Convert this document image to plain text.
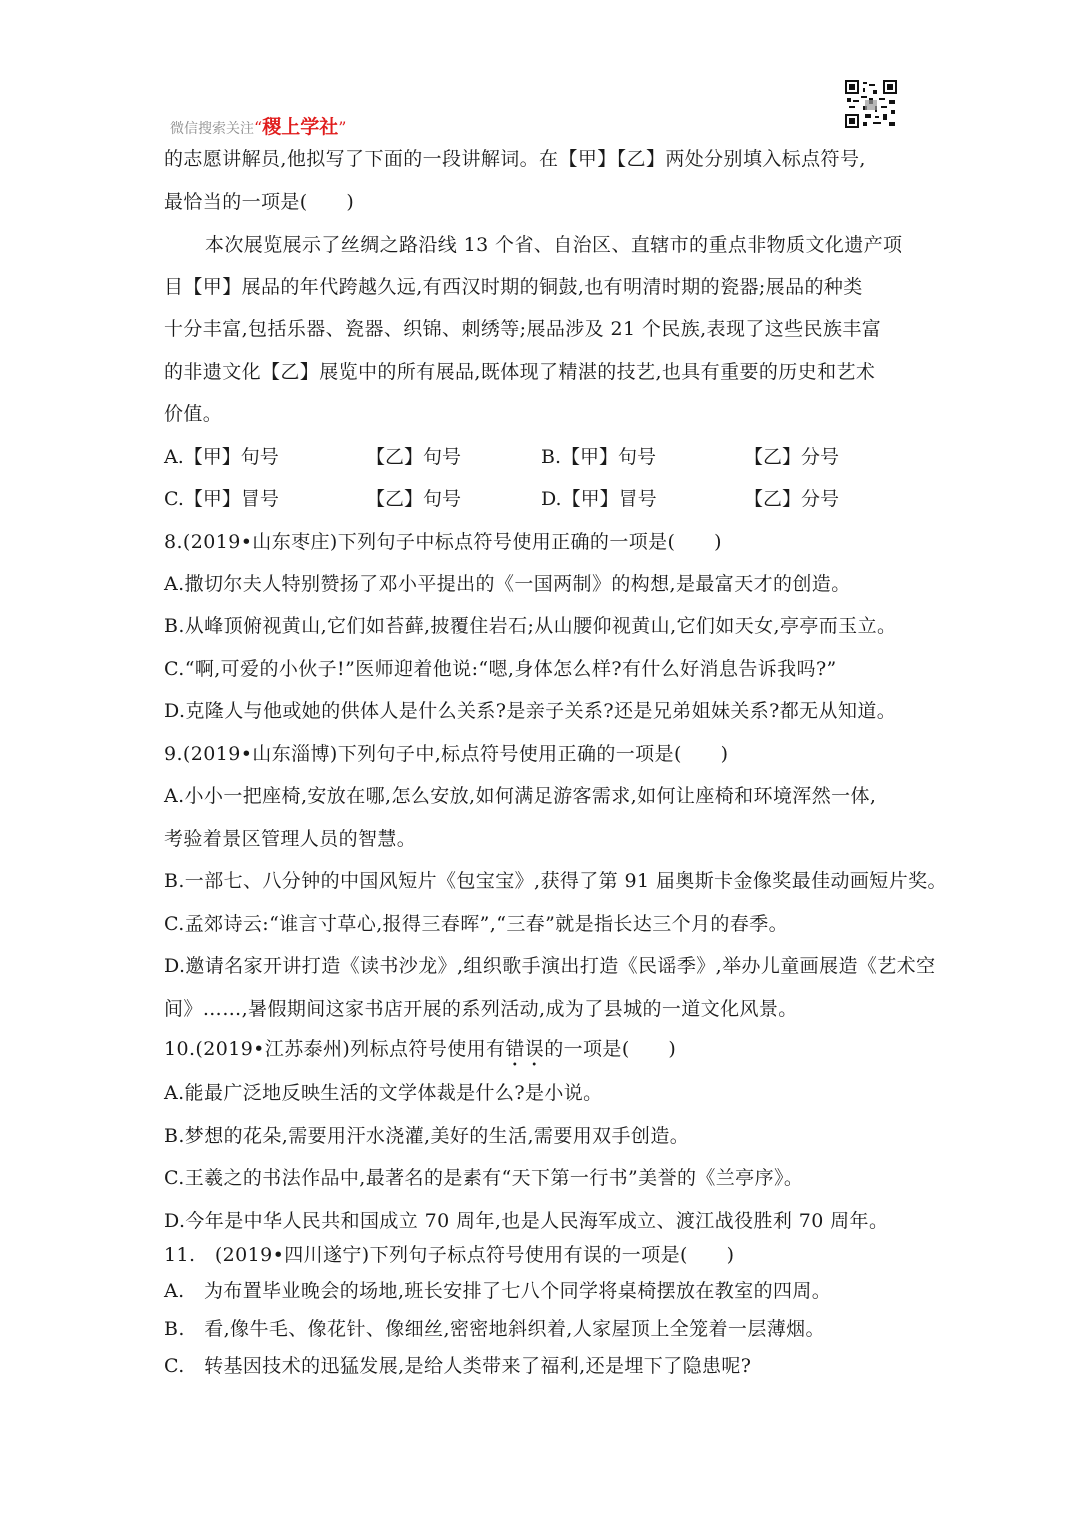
微信搜索关注“稷上学社”
的志愿讲解员,他拟写了下面的一段讲解词。在【甲】【乙】两处分别填入标点符号,
最恰当的一项是(　　)
本次展览展示了丝绸之路沿线 13 个省、自治区、直辖市的重点非物质文化遗产项
目【甲】展品的年代跨越久远,有西汉时期的铜鼓,也有明清时期的瓷器;展品的种类
十分丰富,包括乐器、瓷器、织锦、刺绣等;展品涉及 21 个民族,表现了这些民族丰富
的非遗文化【乙】展览中的所有展品,既体现了精湛的技艺,也具有重要的历史和艺术
价值。
A.【甲】句号	【乙】句号	B.【甲】句号	【乙】分号
C.【甲】冒号	【乙】句号	D.【甲】冒号	【乙】分号
8.(2019•山东枣庄)下列句子中标点符号使用正确的一项是(　　)
A.撒切尔夫人特别赞扬了邓小平提出的《一国两制》的构想,是最富天才的创造。
B.从峰顶俯视黄山,它们如苔藓,披覆住岩石;从山腰仰视黄山,它们如天女,亭亭而玉立。
C.“啊,可爱的小伙子!”医师迎着他说:“嗯,身体怎么样?有什么好消息告诉我吗?”
D.克隆人与他或她的供体人是什么关系?是亲子关系?还是兄弟姐妹关系?都无从知道。
9.(2019•山东淄博)下列句子中,标点符号使用正确的一项是(　　)
A.小小一把座椅,安放在哪,怎么安放,如何满足游客需求,如何让座椅和环境浑然一体,
考验着景区管理人员的智慧。
B.一部七、八分钟的中国风短片《包宝宝》,获得了第 91 届奥斯卡金像奖最佳动画短片奖。
C.孟郊诗云:“谁言寸草心,报得三春晖”,“三春”就是指长达三个月的春季。
D.邀请名家开讲打造《读书沙龙》,组织歌手演出打造《民谣季》,举办儿童画展造《艺术空
间》……,暑假期间这家书店开展的系列活动,成为了县城的一道文化风景。
10.(2019•江苏泰州)列标点符号使用有错误的一项是(　　)
A.能最广泛地反映生活的文学体裁是什么?是小说。
B.梦想的花朵,需要用汗水浇灌,美好的生活,需要用双手创造。
C.王羲之的书法作品中,最著名的是素有“天下第一行书”美誉的《兰亭序》。
D.今年是中华人民共和国成立 70 周年,也是人民海军成立、渡江战役胜利 70 周年。
11.　(2019•四川遂宁)下列句子标点符号使用有误的一项是(　　)
A.　为布置毕业晚会的场地,班长安排了七八个同学将桌椅摆放在教室的四周。
B.　看,像牛毛、像花针、像细丝,密密地斜织着,人家屋顶上全笼着一层薄烟。
C.　转基因技术的迅猛发展,是给人类带来了福利,还是埋下了隐患呢?
